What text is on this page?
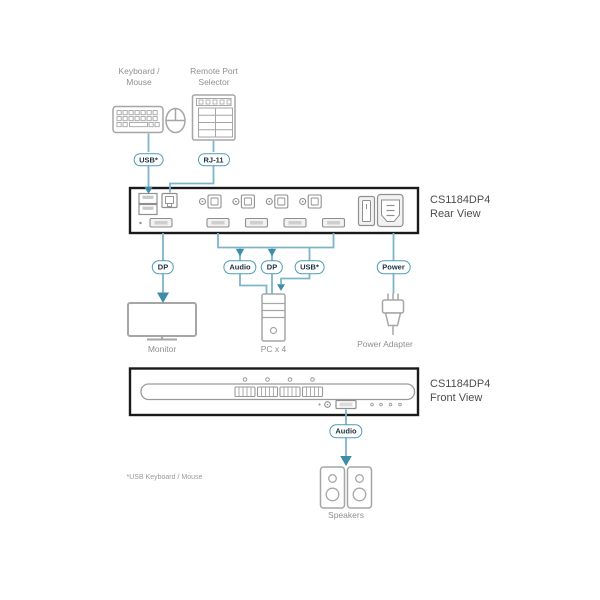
Keyboard /
Mouse
Remote Port
Selector
USB*	RJ-11
CS1184DP4
Rear View
DP	Audio	DP	USB*	Power
Monitor	PC x 4	Power Adapter
CS1184DP4
Front View
Audio
Speakers
*USB Keyboard / Mouse
